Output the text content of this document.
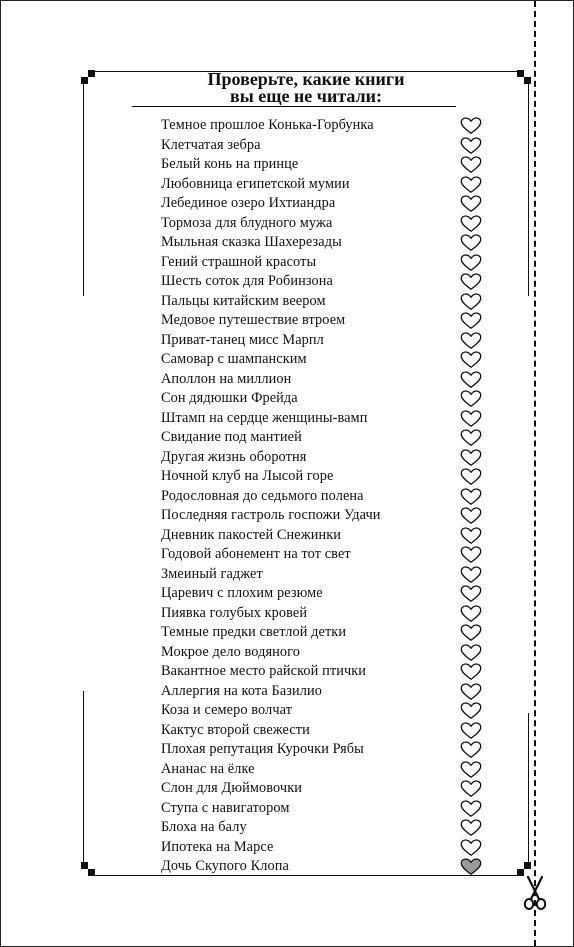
Проверьте, какие книги
вы еще не читали:
Темное прошлое Конька-Горбунка
Клетчатая зебра
Белый конь на принце
Любовница египетской мумии
Лебединое озеро Ихтиандра
Тормоза для блудного мужа
Мыльная сказка Шахерезады
Гений страшной красоты
Шесть соток для Робинзона
Пальцы китайским веером
Медовое путешествие втроем
Приват-танец мисс Марпл
Самовар с шампанским
Аполлон на миллион
Сон дядюшки Фрейда
Штамп на сердце женщины-вамп
Свидание под мантией
Другая жизнь оборотня
Ночной клуб на Лысой горе
Родословная до седьмого полена
Последняя гастроль госпожи Удачи
Дневник пакостей Снежинки
Годовой абонемент на тот свет
Змеиный гаджет
Царевич с плохим резюме
Пиявка голубых кровей
Темные предки светлой детки
Мокрое дело водяного
Вакантное место райской птички
Аллергия на кота Базилио
Коза и семеро волчат
Кактус второй свежести
Плохая репутация Курочки Рябы
Ананас на ёлке
Слон для Дюймовочки
Ступа с навигатором
Блоха на балу
Ипотека на Марсе
Дочь Скупого Клопа
